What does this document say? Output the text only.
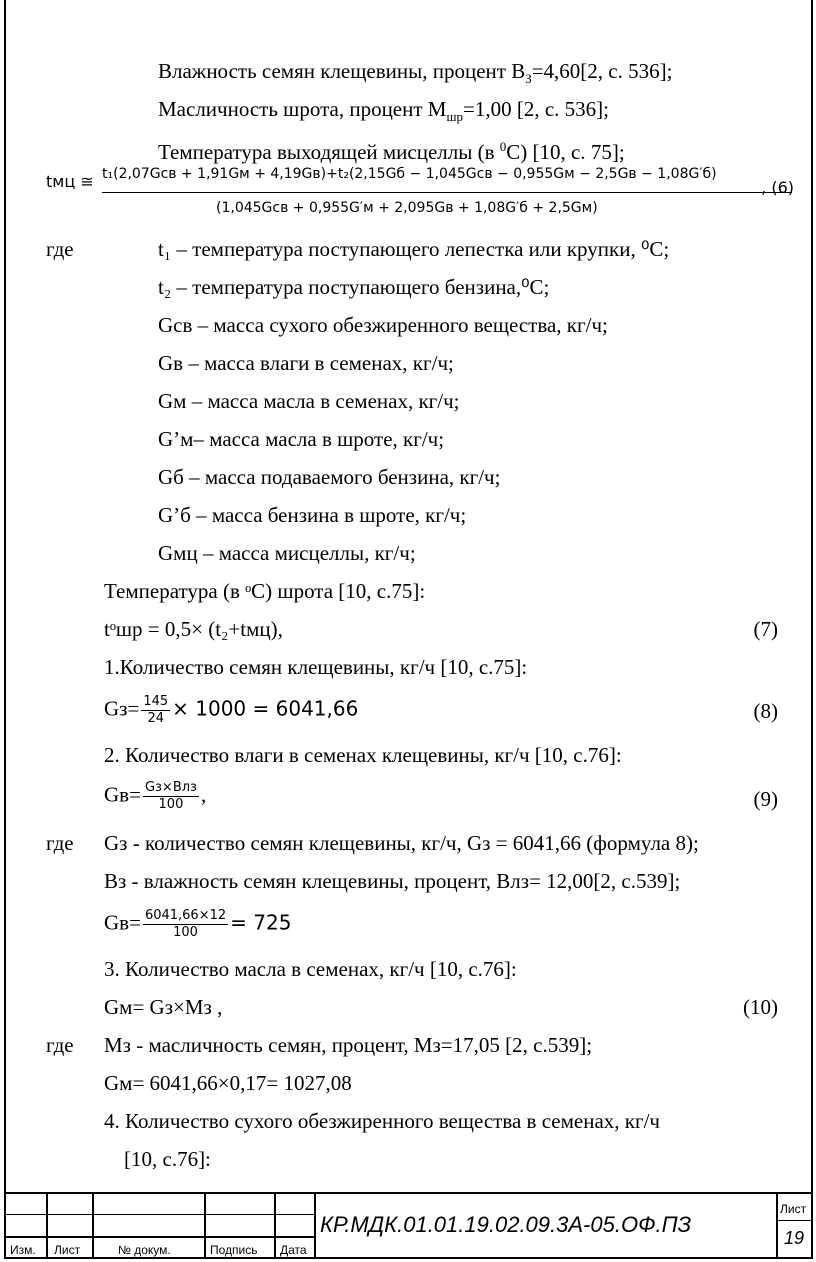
Влажность семян клещевины, процент $В_З=4,60[2$, с. 536];
Масличность шрота, процент $М_{шр}=1,00$ [2, с. 536];
Температура выходящей мисцеллы (в $^0$С) [10, с. 75];
tмц ≅ t₁(2,07Gсв + 1,91Gм + 4,19Gв)+t₂(2,15Gб − 1,045Gсв − 0,955Gм − 2,5Gв − 1,08G′б)
(1,045Gсв + 0,955G′м + 2,095Gв + 1,08G′б + 2,5Gм)
, (6)
где	t₁ – температура поступающего лепестка или крупки, ⁰С;
t₂ – температура поступающего бензина,⁰С;
Gсв – масса сухого обезжиренного вещества, кг/ч;
Gв – масса влаги в семенах, кг/ч;
Gм – масса масла в семенах, кг/ч;
G’м– масса масла в шроте, кг/ч;
Gб – масса подаваемого бензина, кг/ч;
G’б – масса бензина в шроте, кг/ч;
Gмц – масса мисцеллы, кг/ч;
Температура (в ᵒС) шрота [10, с.75]:
tᵒшр = 0,5× (t₂+tмц),	(7)
1.Количество семян клещевины, кг/ч [10, с.75]:
$Gз= \frac{145}{24} \times 1000 = 6041,66$	(8)
2. Количество влаги в семенах клещевины, кг/ч [10, с.76]:
$Gв= \frac{\text{Gз×Влз}}{100}$ ,	(9)
где Gз - количество семян клещевины, кг/ч, Gз = 6041,66 (формула 8);
Вз - влажность семян клещевины, процент, Влз= 12,00[2, с.539];
$Gв= \frac{6041,66\times 12}{100} = 725$
3. Количество масла в семенах, кг/ч [10, с.76]:
Gм= Gз×Mз ,	(10)
где Mз - масличность семян, процент, Mз=17,05 [2, с.539];
Gм= 6041,66×0,17= 1027,08
4. Количество сухого обезжиренного вещества в семенах, кг/ч
[10, с.76]:
Изм. Лист	№ докум.	Подпись Дата
КР.МДК.01.01.19.02.09.3А-05.ОФ.ПЗ
Лист
19
